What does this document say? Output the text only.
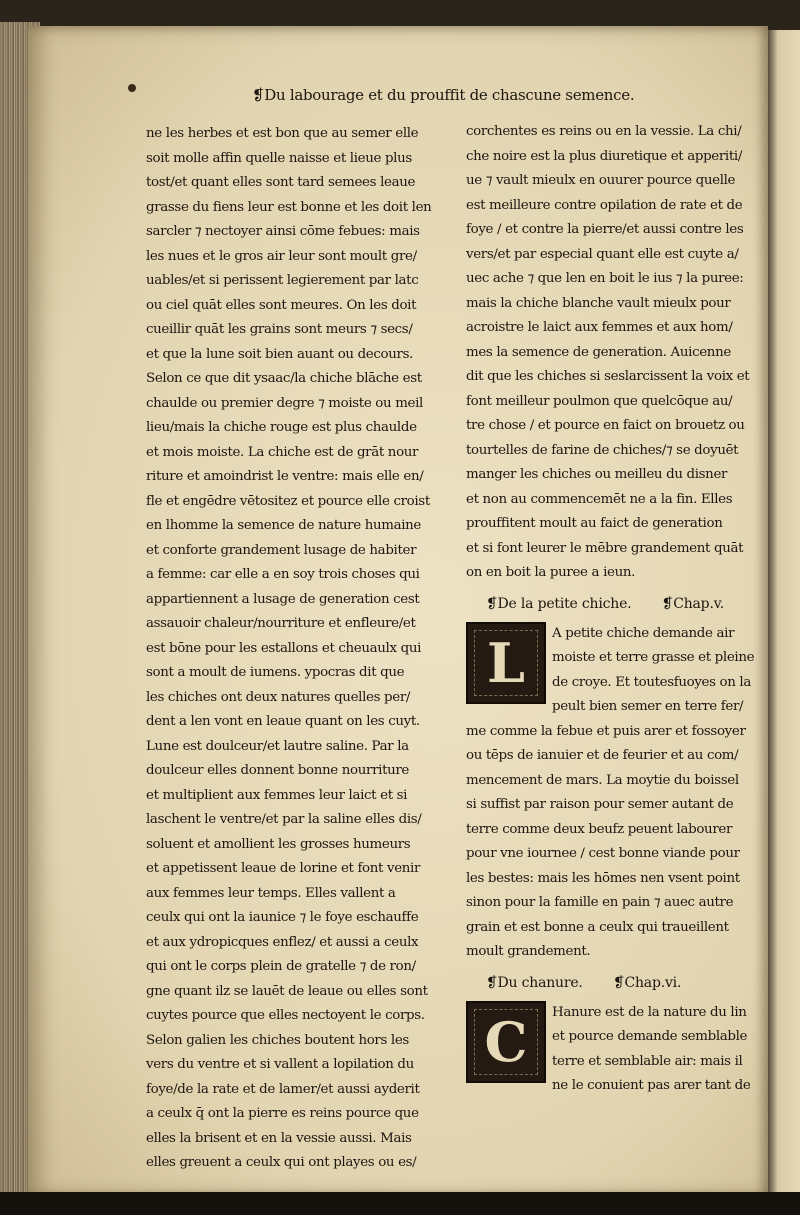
❡Du labourage et du prouffit de chascune semence.
ne les herbes et est bon que au semer elle
soit molle affin quelle naisse et lieue plus
tost/et quant elles sont tard semees leaue
grasse du fiens leur est bonne et les doit len
sarcler ⁊ nectoyer ainsi cōme febues: mais
les nues et le gros air leur sont moult gre/
uables/et si perissent legierement par latc
ou ciel quāt elles sont meures. On les doit
cueillir quāt les grains sont meurs ⁊ secs/
et que la lune soit bien auant ou decours.
Selon ce que dit ysaac/la chiche blāche est
chaulde ou premier degre ⁊ moiste ou meil
lieu/mais la chiche rouge est plus chaulde
et mois moiste. La chiche est de grāt nour
riture et amoindrist le ventre: mais elle en/
fle et engēdre vētositez et pource elle croist
en lhomme la semence de nature humaine
et conforte grandement lusage de habiter
a femme: car elle a en soy trois choses qui
appartiennent a lusage de generation cest
assauoir chaleur/nourriture et enfleure/et
est bōne pour les estallons et cheuaulx qui
sont a moult de iumens. ypocras dit que
les chiches ont deux natures quelles per/
dent a len vont en leaue quant on les cuyt.
Lune est doulceur/et lautre saline. Par la
doulceur elles donnent bonne nourriture
et multiplient aux femmes leur laict et si
laschent le ventre/et par la saline elles dis/
soluent et amollient les grosses humeurs
et appetissent leaue de lorine et font venir
aux femmes leur temps. Elles vallent a
ceulx qui ont la iaunice ⁊ le foye eschauffe
et aux ydropicques enflez/ et aussi a ceulx
qui ont le corps plein de gratelle ⁊ de ron/
gne quant ilz se lauēt de leaue ou elles sont
cuytes pource que elles nectoyent le corps.
Selon galien les chiches boutent hors les
vers du ventre et si vallent a lopilation du
foye/de la rate et de lamer/et aussi ayderit
a ceulx q̄ ont la pierre es reins pource que
elles la brisent et en la vessie aussi. Mais
elles greuent a ceulx qui ont playes ou es/
corchentes es reins ou en la vessie. La chi/
che noire est la plus diuretique et apperiti/
ue ⁊ vault mieulx en ouurer pource quelle
est meilleure contre opilation de rate et de
foye / et contre la pierre/et aussi contre les
vers/et par especial quant elle est cuyte a/
uec ache ⁊ que len en boit le ius ⁊ la puree:
mais la chiche blanche vault mieulx pour
acroistre le laict aux femmes et aux hom/
mes la semence de generation. Auicenne
dit que les chiches si seslarcissent la voix et
font meilleur poulmon que quelcōque au/
tre chose / et pource en faict on brouetz ou
tourtelles de farine de chiches/⁊ se doyuēt
manger les chiches ou meilleu du disner
et non au commencemēt ne a la fin. Elles
prouffitent moult au faict de generation
et si font leurer le mēbre grandement quāt
on en boit la puree a ieun.
❡De la petite chiche. ❡Chap.v.
L A petite chiche demande air
moiste et terre grasse et pleine
de croye. Et toutesfuoyes on la
peult bien semer en terre fer/
me comme la febue et puis arer et fossoyer
ou tēps de ianuier et de feurier et au com/
mencement de mars. La moytie du boissel
si suffist par raison pour semer autant de
terre comme deux beufz peuent labourer
pour vne iournee / cest bonne viande pour
les bestes: mais les hōmes nen vsent point
sinon pour la famille en pain ⁊ auec autre
grain et est bonne a ceulx qui traueillent
moult grandement.
❡Du chanure. ❡Chap.vi.
C Hanure est de la nature du lin
et pource demande semblable
terre et semblable air: mais il
ne le conuient pas arer tant de
